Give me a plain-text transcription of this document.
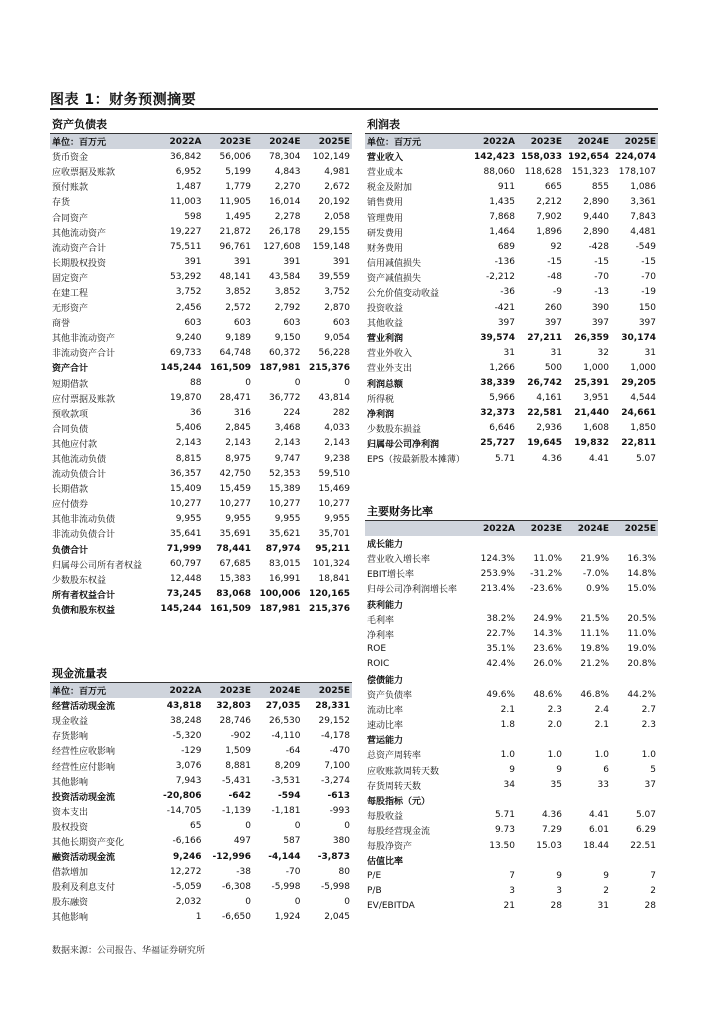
图表 1：财务预测摘要
资产负债表
单位：百万元	2022A	2023E	2024E	2025E
货币资金	36,842	56,006	78,304	102,149
应收票据及账款	6,952	5,199	4,843	4,981
预付账款	1,487	1,779	2,270	2,672
存货	11,003	11,905	16,014	20,192
合同资产	598	1,495	2,278	2,058
其他流动资产	19,227	21,872	26,178	29,155
流动资产合计	75,511	96,761	127,608	159,148
长期股权投资	391	391	391	391
固定资产	53,292	48,141	43,584	39,559
在建工程	3,752	3,852	3,852	3,752
无形资产	2,456	2,572	2,792	2,870
商誉	603	603	603	603
其他非流动资产	9,240	9,189	9,150	9,054
非流动资产合计	69,733	64,748	60,372	56,228
资产合计	145,244	161,509	187,981	215,376
短期借款	88	0	0	0
应付票据及账款	19,870	28,471	36,772	43,814
预收款项	36	316	224	282
合同负债	5,406	2,845	3,468	4,033
其他应付款	2,143	2,143	2,143	2,143
其他流动负债	8,815	8,975	9,747	9,238
流动负债合计	36,357	42,750	52,353	59,510
长期借款	15,409	15,459	15,389	15,469
应付债券	10,277	10,277	10,277	10,277
其他非流动负债	9,955	9,955	9,955	9,955
非流动负债合计	35,641	35,691	35,621	35,701
负债合计	71,999	78,441	87,974	95,211
归属母公司所有者权益	60,797	67,685	83,015	101,324
少数股东权益	12,448	15,383	16,991	18,841
所有者权益合计	73,245	83,068	100,006	120,165
负债和股东权益	145,244	161,509	187,981	215,376
利润表
单位：百万元	2022A	2023E	2024E	2025E
营业收入	142,423	158,033	192,654	224,074
营业成本	88,060	118,628	151,323	178,107
税金及附加	911	665	855	1,086
销售费用	1,435	2,212	2,890	3,361
管理费用	7,868	7,902	9,440	7,843
研发费用	1,464	1,896	2,890	4,481
财务费用	689	92	-428	-549
信用减值损失	-136	-15	-15	-15
资产减值损失	-2,212	-48	-70	-70
公允价值变动收益	-36	-9	-13	-19
投资收益	-421	260	390	150
其他收益	397	397	397	397
营业利润	39,574	27,211	26,359	30,174
营业外收入	31	31	32	31
营业外支出	1,266	500	1,000	1,000
利润总额	38,339	26,742	25,391	29,205
所得税	5,966	4,161	3,951	4,544
净利润	32,373	22,581	21,440	24,661
少数股东损益	6,646	2,936	1,608	1,850
归属母公司净利润	25,727	19,645	19,832	22,811
EPS（按最新股本摊薄）	5.71	4.36	4.41	5.07
主要财务比率
	2022A	2023E	2024E	2025E
成长能力				
营业收入增长率	124.3%	11.0%	21.9%	16.3%
EBIT增长率	253.9%	-31.2%	-7.0%	14.8%
归母公司净利润增长率	213.4%	-23.6%	0.9%	15.0%
获利能力				
毛利率	38.2%	24.9%	21.5%	20.5%
净利率	22.7%	14.3%	11.1%	11.0%
ROE	35.1%	23.6%	19.8%	19.0%
ROIC	42.4%	26.0%	21.2%	20.8%
偿债能力				
资产负债率	49.6%	48.6%	46.8%	44.2%
流动比率	2.1	2.3	2.4	2.7
速动比率	1.8	2.0	2.1	2.3
营运能力				
总资产周转率	1.0	1.0	1.0	1.0
应收账款周转天数	9	9	6	5
存货周转天数	34	35	33	37
每股指标（元）				
每股收益	5.71	4.36	4.41	5.07
每股经营现金流	9.73	7.29	6.01	6.29
每股净资产	13.50	15.03	18.44	22.51
估值比率				
P/E	7	9	9	7
P/B	3	3	2	2
EV/EBITDA	21	28	31	28
现金流量表
单位：百万元	2022A	2023E	2024E	2025E
经营活动现金流	43,818	32,803	27,035	28,331
现金收益	38,248	28,746	26,530	29,152
存货影响	-5,320	-902	-4,110	-4,178
经营性应收影响	-129	1,509	-64	-470
经营性应付影响	3,076	8,881	8,209	7,100
其他影响	7,943	-5,431	-3,531	-3,274
投资活动现金流	-20,806	-642	-594	-613
资本支出	-14,705	-1,139	-1,181	-993
股权投资	65	0	0	0
其他长期资产变化	-6,166	497	587	380
融资活动现金流	9,246	-12,996	-4,144	-3,873
借款增加	12,272	-38	-70	80
股利及利息支付	-5,059	-6,308	-5,998	-5,998
股东融资	2,032	0	0	0
其他影响	1	-6,650	1,924	2,045
数据来源：公司报告、华福证券研究所
